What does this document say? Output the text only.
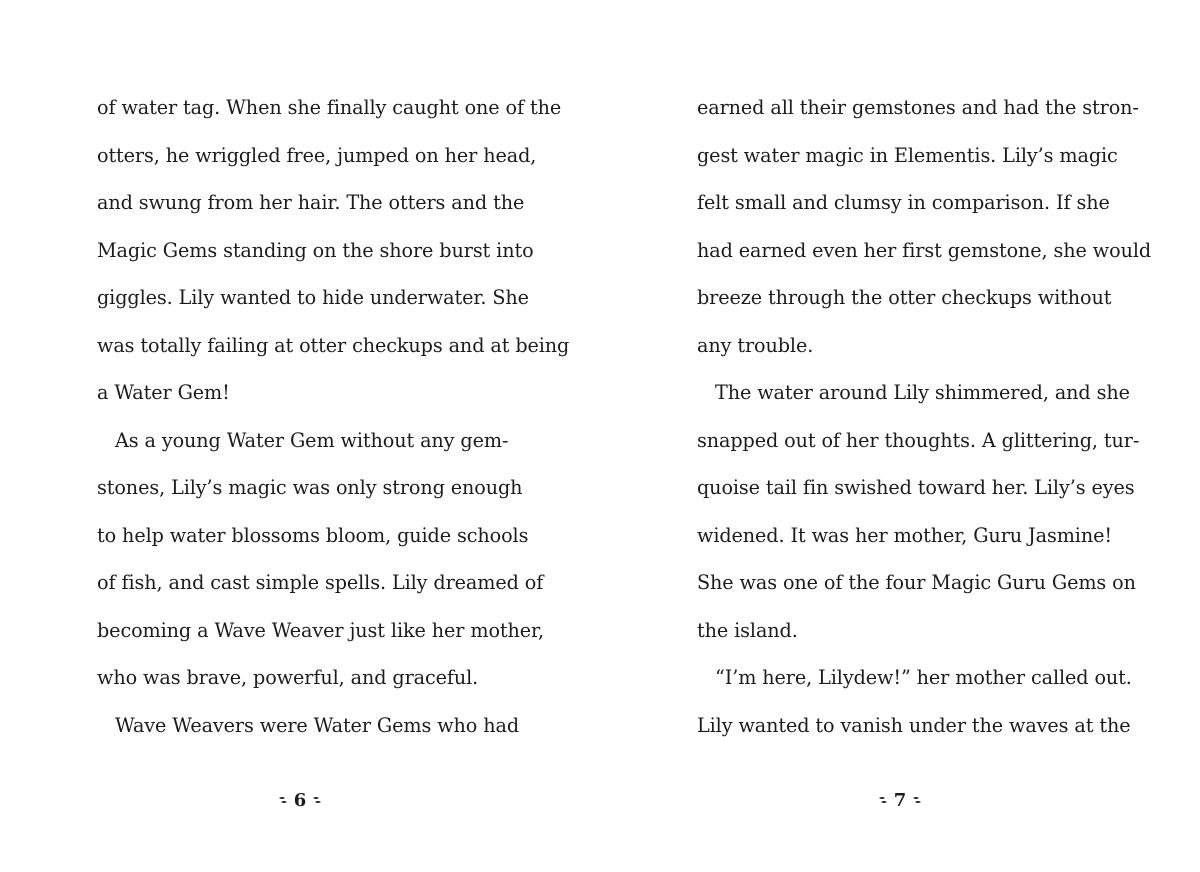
of water tag. When she finally caught one of the
otters, he wriggled free, jumped on her head,
and swung from her hair. The otters and the
Magic Gems standing on the shore burst into
giggles. Lily wanted to hide underwater. She
was totally failing at otter checkups and at being
a Water Gem!
As a young Water Gem without any gem-
stones, Lily’s magic was only strong enough
to help water blossoms bloom, guide schools
of fish, and cast simple spells. Lily dreamed of
becoming a Wave Weaver just like her mother,
who was brave, powerful, and graceful.
Wave Weavers were Water Gems who had
6
earned all their gemstones and had the stron-
gest water magic in Elementis. Lily’s magic
felt small and clumsy in comparison. If she
had earned even her first gemstone, she would
breeze through the otter checkups without
any trouble.
The water around Lily shimmered, and she
snapped out of her thoughts. A glittering, tur-
quoise tail fin swished toward her. Lily’s eyes
widened. It was her mother, Guru Jasmine!
She was one of the four Magic Guru Gems on
the island.
“I’m here, Lilydew!” her mother called out.
Lily wanted to vanish under the waves at the
7
